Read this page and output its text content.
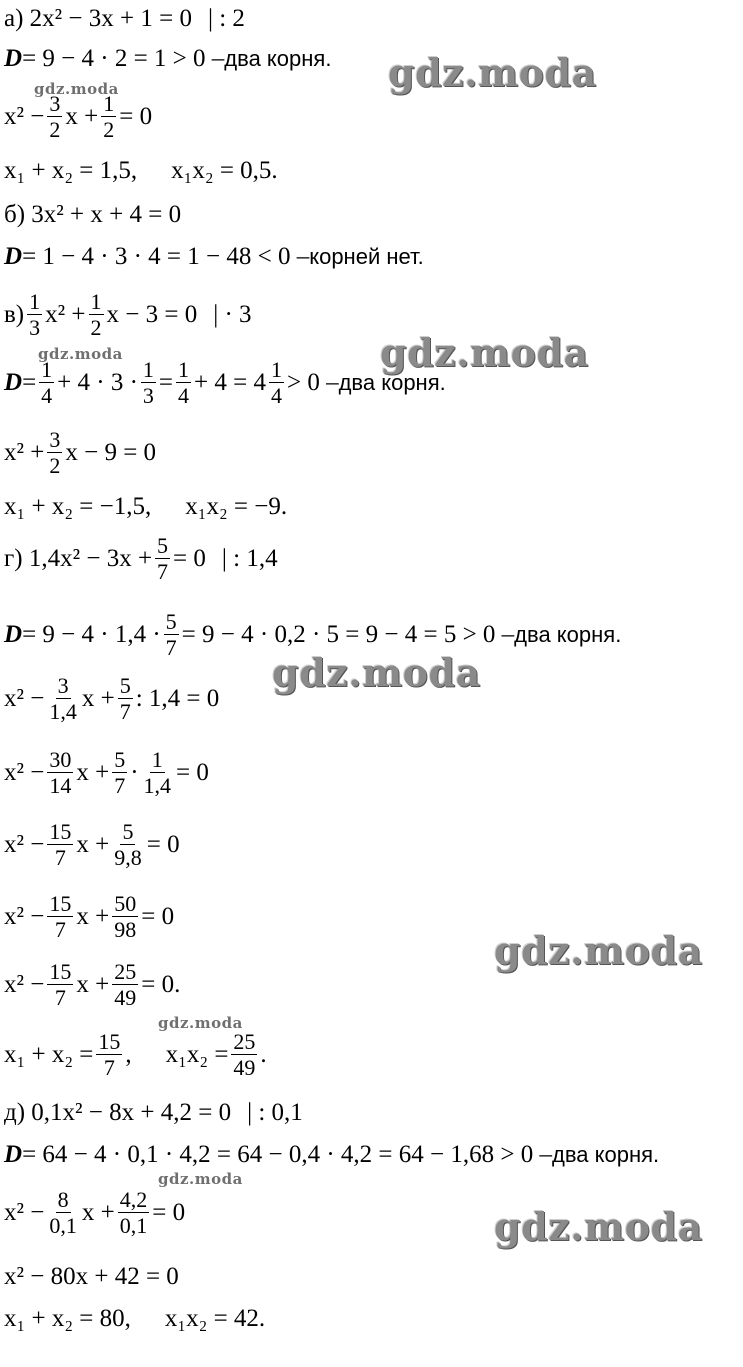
а)
2x² − 3x + 1 = 0 | : 2
D = 9 − 4 · 2 = 1 > 0 – два корня.
$x^2 - \frac{3}{2}$ $x + \frac{1}{2} = 0$
x₁ + x₂ = 1,5, x₁x₂ = 0,5.
б)
3x² + x + 4 = 0
D = 1 − 4 · 3 · 4 = 1 − 48 < 0 – корней нет.
$в) \frac{1}{3} x^2 + \frac{1}{2}$ x − 3 = 0 | · 3
$D = \frac{1}{4} + 4 \cdot 3 \cdot \frac{1}{3} = \frac{1}{4} + 4 = 4 \frac{1}{4} > 0$ – два корня.
$x^2 + \frac{3}{2}$ x − 9 = 0
x₁ + x₂ = −1,5, x₁x₂ = −9.
г)
$1,4x^2 - 3x + \frac{5}{7} = 0$ | : 1,4
$D = 9 - 4 \cdot 1,4 \cdot \frac{5}{7} = 9 - 4 \cdot 0,2 \cdot 5 = 9 - 4 = 5 > 0$ – два корня.
$x^2 - \frac{3}{1,4}$ $x + \frac{5}{7}$ : 1,4 = 0
$x^2 - \frac{30}{14}$ $x + \frac{5}{7} \cdot \frac{1}{1,4} = 0$
$x^2 - \frac{15}{7}$ $x + \frac{5}{9,8} = 0$
$x^2 - \frac{15}{7}$ $x + \frac{50}{98} = 0$
$x^2 - \frac{15}{7}$ $x + \frac{25}{49} = 0$.
$x_1 + x_2 = \frac{15}{7}$ , $x_1x_2 = \frac{25}{49}$ .
д)
0,1x² − 8x + 4,2 = 0 | : 0,1
D = 64 − 4 · 0,1 · 4,2 = 64 − 0,4 · 4,2 = 64 − 1,68 > 0 – два корня.
$x^2 - \frac{8}{0,1}$ $x + \frac{4,2}{0,1} = 0$
x² − 80x + 42 = 0
x₁ + x₂ = 80, x₁x₂ = 42.
gdz.moda
gdz.moda
gdz.moda
gdz.moda
gdz.moda
gdz.moda
gdz.moda
gdz.moda
gdz.moda
